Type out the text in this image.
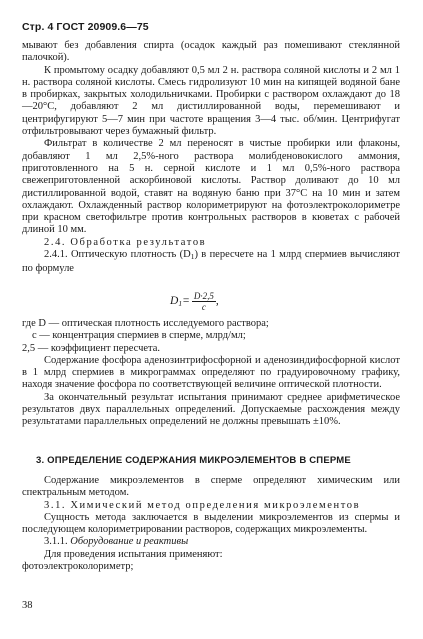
Стр. 4 ГОСТ 20909.6—75

мывают без добавления спирта (осадок каждый раз помешивают стеклянной палочкой).

К промытому осадку добавляют 0,5 мл 2 н. раствора соляной кислоты и 2 мл 1 н. раствора соляной кислоты. Смесь гидролизуют 10 мин на кипящей водяной бане в пробирках, закрытых холодильничками. Пробирки с раствором охлаждают до 18—20°С, добавляют 2 мл дистиллированной воды, перемешивают и центрифугируют 5—7 мин при частоте вращения 3—4 тыс. об/мин. Центрифугат отфильтровывают через бумажный фильтр.

Фильтрат в количестве 2 мл переносят в чистые пробирки или флаконы, добавляют 1 мл 2,5%-ного раствора молибденовокислого аммония, приготовленного на 5 н. серной кислоте и 1 мл 0,5%-ного раствора свежеприготовленной аскорбиновой кислоты. Раствор доливают до 10 мл дистиллированной водой, ставят на водяную баню при 37°С на 10 мин и затем охлаждают. Охлажденный раствор колориметрируют на фотоэлектроколориметре при красном светофильтре против контрольных растворов в кюветах с рабочей длиной 10 мм.

2.4. Обработка результатов

2.4.1. Оптическую плотность $(D_1)$ в пересчете на 1 млрд спермиев вычисляют по формуле

$D_1= \frac{D\cdot 2,5}{c}$ ,

где D — оптическая плотность исследуемого раствора;

c — концентрация спермиев в сперме, млрд/мл;

2,5 — коэффициент пересчета.

Содержание фосфора аденозинтрифосфорной и аденозиндифосфорной кислот в 1 млрд спермиев в микрограммах определяют по градуировочному графику, находя значение фосфора по соответствующей величине оптической плотности.

За окончательный результат испытания принимают среднее арифметическое результатов двух параллельных определений. Допускаемые расхождения между результатами параллельных определений не должны превышать ±10%.

3. ОПРЕДЕЛЕНИЕ СОДЕРЖАНИЯ МИКРОЭЛЕМЕНТОВ В СПЕРМЕ

Содержание микроэлементов в сперме определяют химическим или спектральным методом.

3.1. Химический метод определения микроэлементов

Сущность метода заключается в выделении микроэлементов из спермы и последующем колориметрировании растворов, содержащих микроэлементы.

3.1.1. Оборудование и реактивы

Для проведения испытания применяют:

фотоэлектроколориметр;

38
